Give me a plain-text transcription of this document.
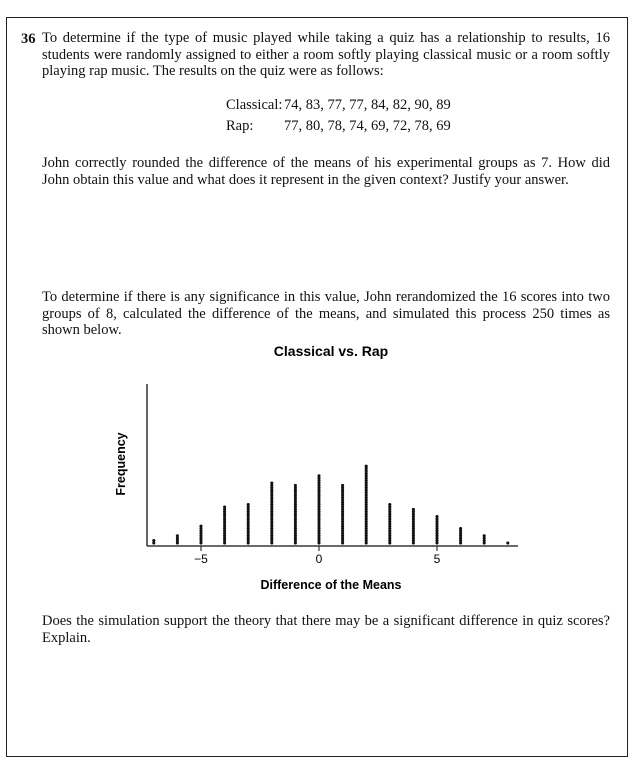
36 To determine if the type of music played while taking a quiz has a relationship to results, 16 students were randomly assigned to either a room softly playing classical music or a room softly playing rap music. The results on the quiz were as follows:
Classical: 74, 83, 77, 77, 84, 82, 90, 89
Rap: 77, 80, 78, 74, 69, 72, 78, 69
John correctly rounded the difference of the means of his experimental groups as 7. How did John obtain this value and what does it represent in the given context? Justify your answer.
To determine if there is any significance in this value, John rerandomized the 16 scores into two groups of 8, calculated the difference of the means, and simulated this process 250 times as shown below.
Classical vs. Rap
Frequency
−5	0	5
Difference of the Means
Does the simulation support the theory that there may be a significant difference in quiz scores? Explain.
